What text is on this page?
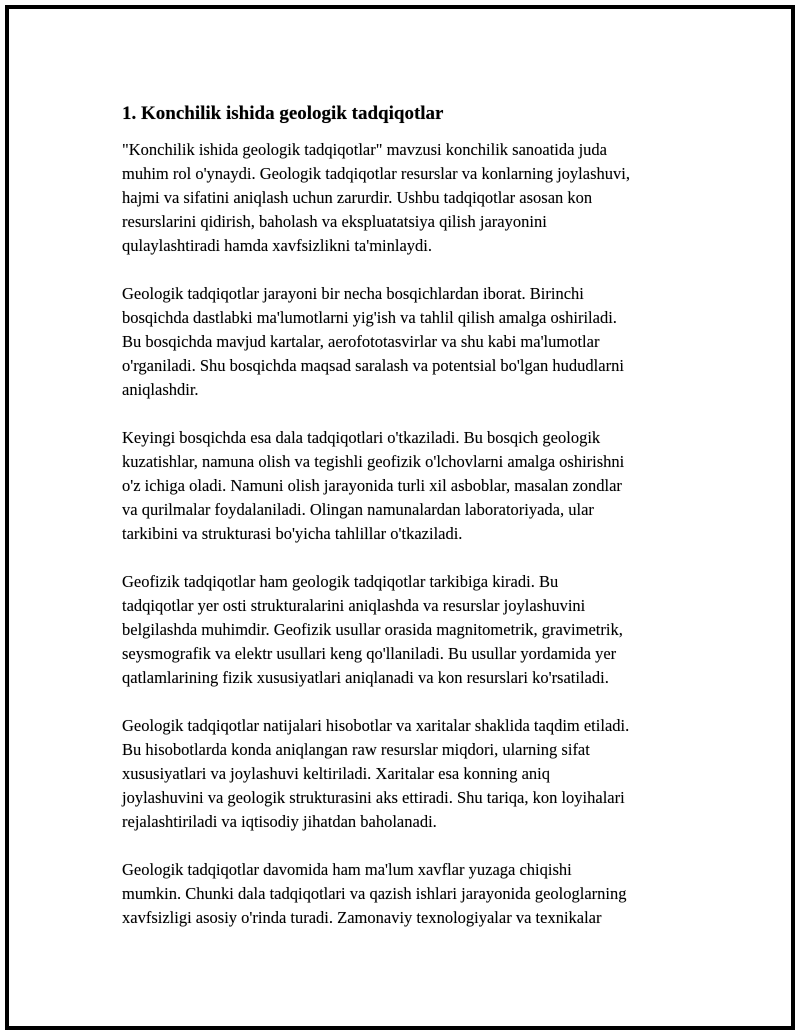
1. Konchilik ishida geologik tadqiqotlar
"Konchilik ishida geologik tadqiqotlar" mavzusi konchilik sanoatida juda
muhim rol o'ynaydi. Geologik tadqiqotlar resurslar va konlarning joylashuvi,
hajmi va sifatini aniqlash uchun zarurdir. Ushbu tadqiqotlar asosan kon
resurslarini qidirish, baholash va ekspluatatsiya qilish jarayonini
qulaylashtiradi hamda xavfsizlikni ta'minlaydi.
Geologik tadqiqotlar jarayoni bir necha bosqichlardan iborat. Birinchi
bosqichda dastlabki ma'lumotlarni yig'ish va tahlil qilish amalga oshiriladi.
Bu bosqichda mavjud kartalar, aerofototasvirlar va shu kabi ma'lumotlar
o'rganiladi. Shu bosqichda maqsad saralash va potentsial bo'lgan hududlarni
aniqlashdir.
Keyingi bosqichda esa dala tadqiqotlari o'tkaziladi. Bu bosqich geologik
kuzatishlar, namuna olish va tegishli geofizik o'lchovlarni amalga oshirishni
o'z ichiga oladi. Namuni olish jarayonida turli xil asboblar, masalan zondlar
va qurilmalar foydalaniladi. Olingan namunalardan laboratoriyada, ular
tarkibini va strukturasi bo'yicha tahlillar o'tkaziladi.
Geofizik tadqiqotlar ham geologik tadqiqotlar tarkibiga kiradi. Bu
tadqiqotlar yer osti strukturalarini aniqlashda va resurslar joylashuvini
belgilashda muhimdir. Geofizik usullar orasida magnitometrik, gravimetrik,
seysmografik va elektr usullari keng qo'llaniladi. Bu usullar yordamida yer
qatlamlarining fizik xususiyatlari aniqlanadi va kon resurslari ko'rsatiladi.
Geologik tadqiqotlar natijalari hisobotlar va xaritalar shaklida taqdim etiladi.
Bu hisobotlarda konda aniqlangan raw resurslar miqdori, ularning sifat
xususiyatlari va joylashuvi keltiriladi. Xaritalar esa konning aniq
joylashuvini va geologik strukturasini aks ettiradi. Shu tariqa, kon loyihalari
rejalashtiriladi va iqtisodiy jihatdan baholanadi.
Geologik tadqiqotlar davomida ham ma'lum xavflar yuzaga chiqishi
mumkin. Chunki dala tadqiqotlari va qazish ishlari jarayonida geologlarning
xavfsizligi asosiy o'rinda turadi. Zamonaviy texnologiyalar va texnikalar
